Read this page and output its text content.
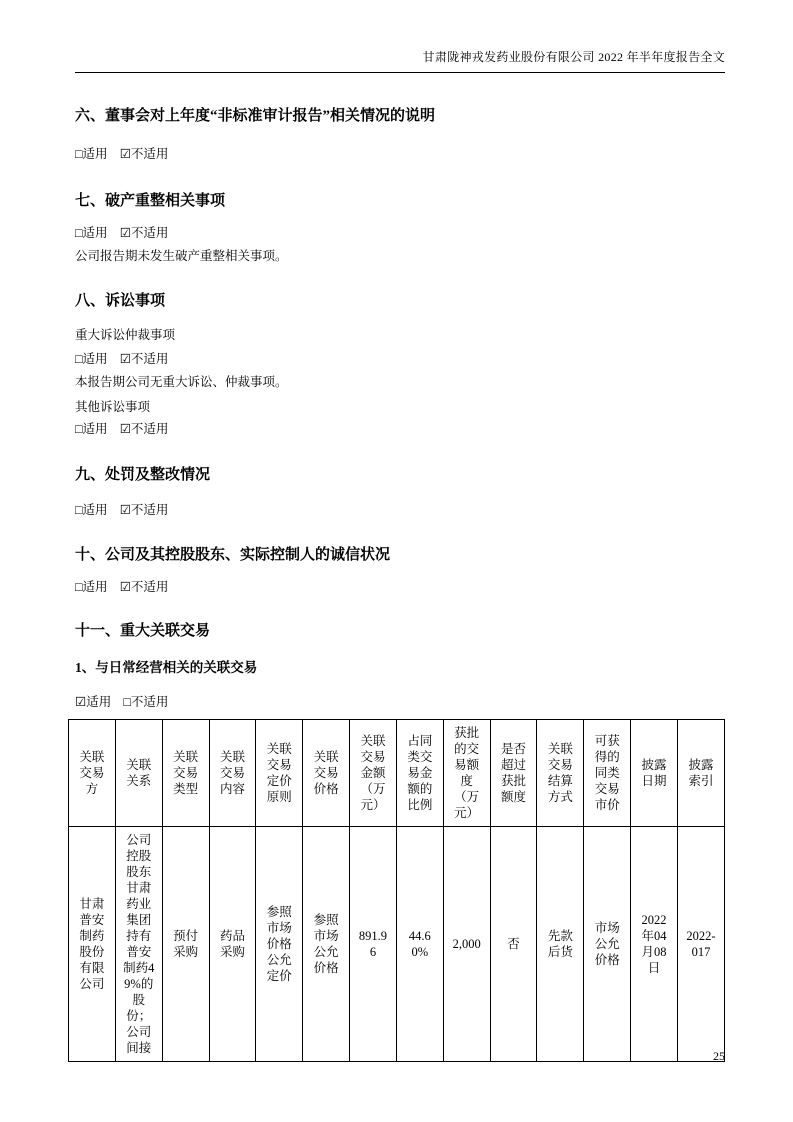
甘肃陇神戎发药业股份有限公司 2022 年半年度报告全文
六、董事会对上年度“非标准审计报告”相关情况的说明

□适用 ☑不适用

七、破产重整相关事项

□适用 ☑不适用

公司报告期未发生破产重整相关事项。

八、诉讼事项

重大诉讼仲裁事项

□适用 ☑不适用

本报告期公司无重大诉讼、仲裁事项。

其他诉讼事项

□适用 ☑不适用

九、处罚及整改情况

□适用 ☑不适用

十、公司及其控股股东、实际控制人的诚信状况

□适用 ☑不适用

十一、重大关联交易
1、与日常经营相关的关联交易

☑适用 □不适用

关联交易方	关联关系	关联交易类型	关联交易内容	关联交易定价原则	关联交易价格	关联交易金额（万元）	占同类交易金额的比例	获批的交易额度（万元）	是否超过获批额度	关联交易结算方式	可获得的同类交易市价	披露日期	披露索引
甘肃普安制药股份有限公司	公司控股股东甘肃药业集团持有普安制药49%的股份；公司间接	预付采购	药品采购	参照市场价格公允定价	参照市场公允价格	891.96	44.60%	2,000	否	先款后货	市场公允价格	2022年04月08日	2022-017
25
